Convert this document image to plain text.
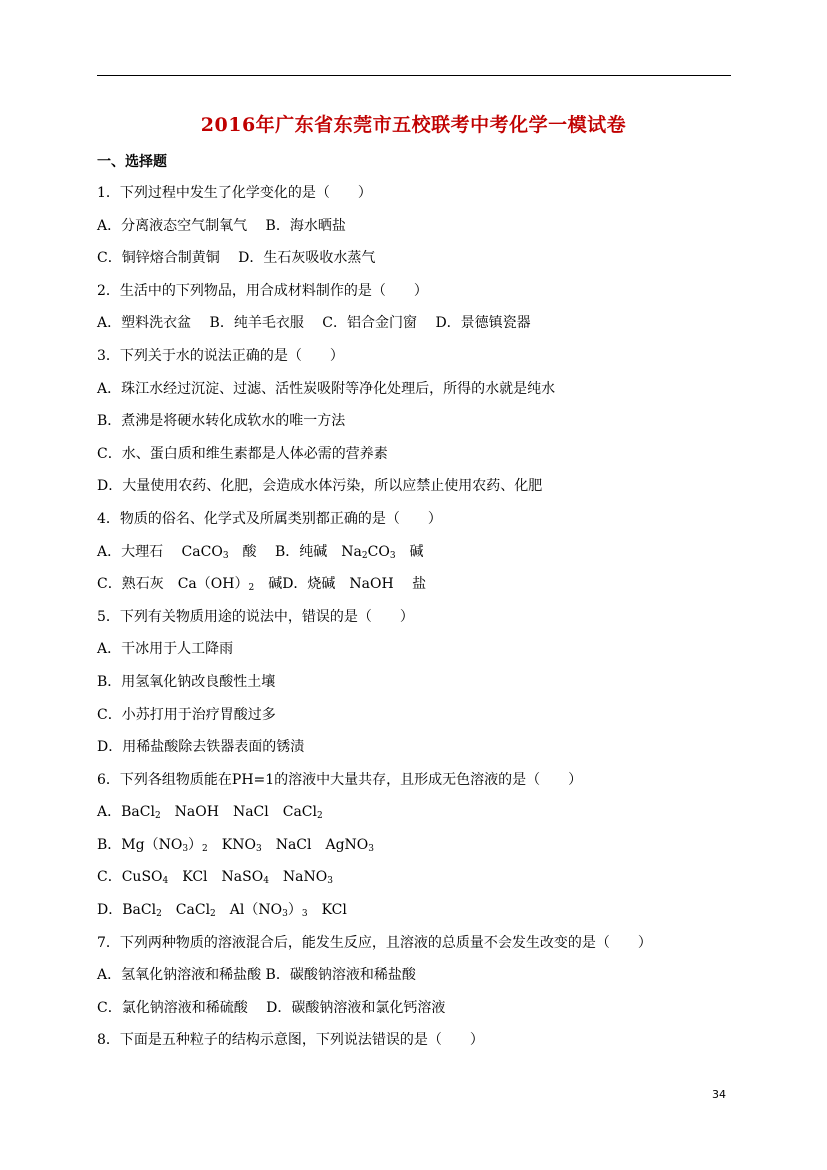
2016年广东省东莞市五校联考中考化学一模试卷
一、选择题
1．下列过程中发生了化学变化的是（　　）
A．分离液态空气制氧气　 B．海水晒盐
C．铜锌熔合制黄铜　 D．生石灰吸收水蒸气
2．生活中的下列物品，用合成材料制作的是（　　）
A．塑料洗衣盆　 B．纯羊毛衣服　 C．铝合金门窗　 D．景德镇瓷器
3．下列关于水的说法正确的是（　　）
A．珠江水经过沉淀、过滤、活性炭吸附等净化处理后，所得的水就是纯水
B．煮沸是将硬水转化成软水的唯一方法
C．水、蛋白质和维生素都是人体必需的营养素
D．大量使用农药、化肥，会造成水体污染，所以应禁止使用农药、化肥
4．物质的俗名、化学式及所属类别都正确的是（　　）
A．大理石　 CaCO$_3$　酸　 B．纯碱　$Na_2CO_3$　碱
C．熟石灰　$Ca(OH)_2$　碱D．烧碱　NaOH　 盐
5．下列有关物质用途的说法中，错误的是（　　）
A．干冰用于人工降雨
B．用氢氧化钠改良酸性土壤
C．小苏打用于治疗胃酸过多
D．用稀盐酸除去铁器表面的锈渍
6．下列各组物质能在PH=1的溶液中大量共存，且形成无色溶液的是（　　）
A．BaCl$_2$　NaOH　NaCl　CaCl$_2$
B．$Mg(NO_3)_2$　$KNO_3$　NaCl　AgNO$_3$
C．CuSO$_4$　KCl　NaSO$_4$　NaNO$_3$
D．BaCl$_2$　CaCl$_2$　$Al(NO_3)_3$　KCl
7．下列两种物质的溶液混合后，能发生反应，且溶液的总质量不会发生改变的是（　　）
A．氢氧化钠溶液和稀盐酸 B．碳酸钠溶液和稀盐酸
C．氯化钠溶液和稀硫酸　 D．碳酸钠溶液和氯化钙溶液
8．下面是五种粒子的结构示意图，下列说法错误的是（　　）
34
